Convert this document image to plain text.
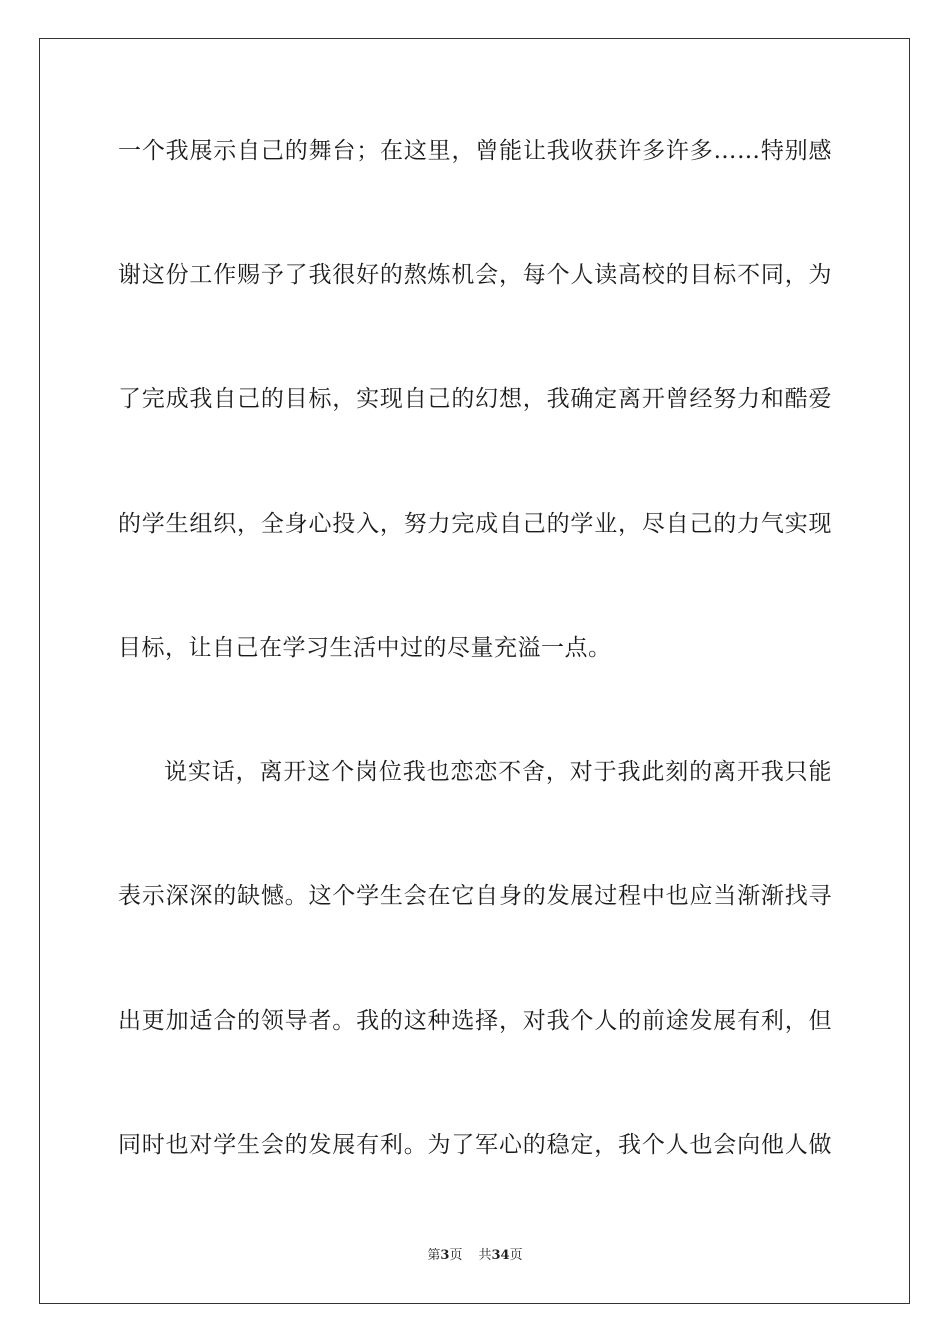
一个我展示自己的舞台；在这里，曾能让我收获许多许多……特别感
谢这份工作赐予了我很好的熬炼机会，每个人读高校的目标不同，为
了完成我自己的目标，实现自己的幻想，我确定离开曾经努力和酷爱
的学生组织，全身心投入，努力完成自己的学业，尽自己的力气实现
目标，让自己在学习生活中过的尽量充溢一点。
说实话，离开这个岗位我也恋恋不舍，对于我此刻的离开我只能
表示深深的缺憾。这个学生会在它自身的发展过程中也应当渐渐找寻
出更加适合的领导者。我的这种选择，对我个人的前途发展有利，但
同时也对学生会的发展有利。为了军心的稳定，我个人也会向他人做
第3页 共34页
